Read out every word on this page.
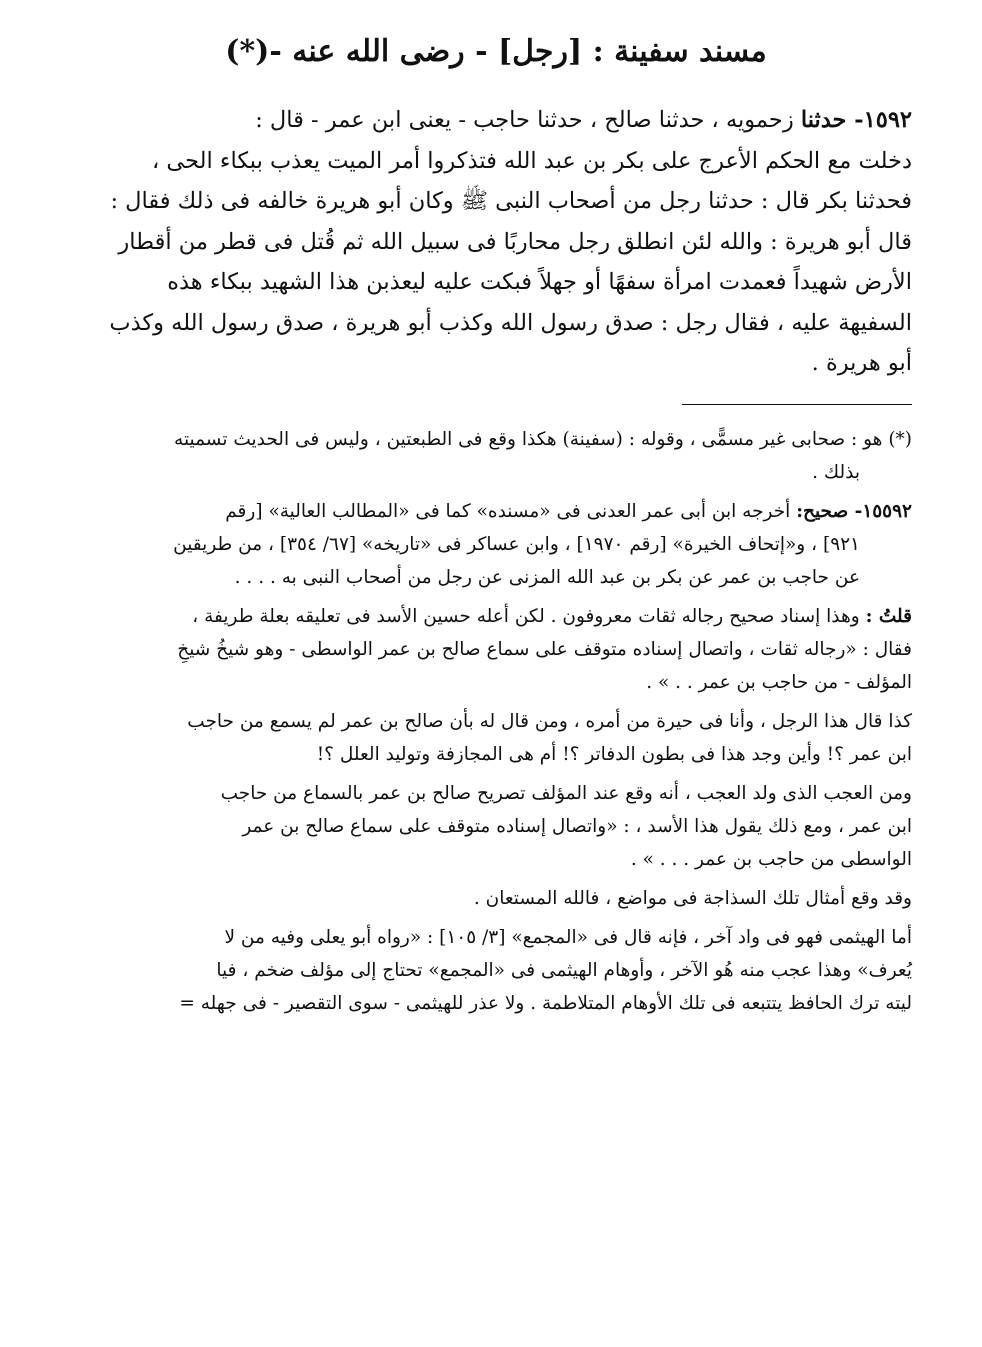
مسند سفينة : [رجل] - رضى الله عنه -(*)
١٥٩٢- حدثنا زحمويه ، حدثنا صالح ، حدثنا حاجب - يعنى ابن عمر - قال :
دخلت مع الحكم الأعرج على بكر بن عبد الله فتذكروا أمر الميت يعذب ببكاء الحى ،
فحدثنا بكر قال : حدثنا رجل من أصحاب النبى ﷺ وكان أبو هريرة خالفه فى ذلك فقال :
قال أبو هريرة : والله لئن انطلق رجل محاربًا فى سبيل الله ثم قُتل فى قطر من أقطار
الأرض شهيداً فعمدت امرأة سفهًا أو جهلاً فبكت عليه ليعذبن هذا الشهيد ببكاء هذه
السفيهة عليه ، فقال رجل : صدق رسول الله وكذب أبو هريرة ، صدق رسول الله وكذب
أبو هريرة .
(*) هو : صحابى غير مسمًّى ، وقوله : (سفينة) هكذا وقع فى الطبعتين ، وليس فى الحديث تسميته
بذلك .
١٥٥٩٢- صحيح: أخرجه ابن أبى عمر العدنى فى «مسنده» كما فى «المطالب العالية» [رقم
٩٢١] ، و«إتحاف الخيرة» [رقم ١٩٧٠] ، وابن عساكر فى «تاريخه» [٦٧/ ٣٥٤] ، من طريقين
عن حاجب بن عمر عن بكر بن عبد الله المزنى عن رجل من أصحاب النبى به . . . .
قلتُ : وهذا إسناد صحيح رجاله ثقات معروفون . لكن أعله حسين الأسد فى تعليقه بعلة طريفة ،
فقال : «رجاله ثقات ، واتصال إسناده متوقف على سماع صالح بن عمر الواسطى - وهو شيخُ شيخِ
المؤلف - من حاجب بن عمر . . » .
كذا قال هذا الرجل ، وأنا فى حيرة من أمره ، ومن قال له بأن صالح بن عمر لم يسمع من حاجب
ابن عمر ؟! وأين وجد هذا فى بطون الدفاتر ؟! أم هى المجازفة وتوليد العلل ؟!
ومن العجب الذى ولد العجب ، أنه وقع عند المؤلف تصريح صالح بن عمر بالسماع من حاجب
ابن عمر ، ومع ذلك يقول هذا الأسد ، : «واتصال إسناده متوقف على سماع صالح بن عمر
الواسطى من حاجب بن عمر . . . » .
وقد وقع أمثال تلك السذاجة فى مواضع ، فالله المستعان .
أما الهيثمى فهو فى واد آخر ، فإنه قال فى «المجمع» [٣/ ١٠٥] : «رواه أبو يعلى وفيه من لا
يُعرف» وهذا عجب منه هُو الآخر ، وأوهام الهيثمى فى «المجمع» تحتاج إلى مؤلف ضخم ، فيا
ليته ترك الحافظ يتتبعه فى تلك الأوهام المتلاطمة . ولا عذر للهيثمى - سوى التقصير - فى جهله =
